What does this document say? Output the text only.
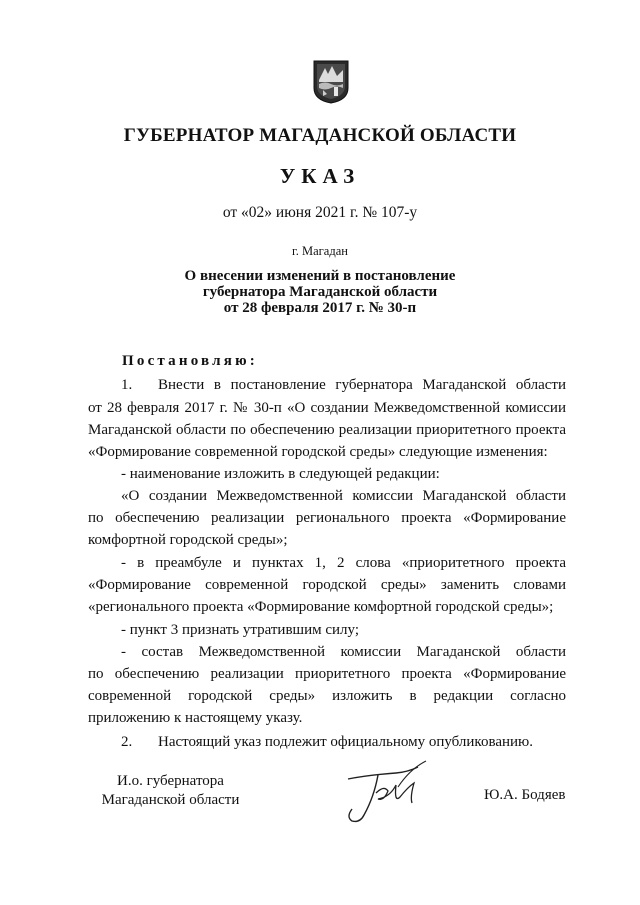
ГУБЕРНАТОР МАГАДАНСКОЙ ОБЛАСТИ
УКАЗ
от «02» июня 2021 г. № 107-у
г. Магадан
О внесении изменений в постановление
губернатора Магаданской области
от 28 февраля 2017 г. № 30-п
Постановляю:
1. Внести в постановление губернатора Магаданской области
от 28 февраля 2017 г. № 30-п «О создании Межведомственной комиссии
Магаданской области по обеспечению реализации приоритетного проекта
«Формирование современной городской среды» следующие изменения:
- наименование изложить в следующей редакции:
«О создании Межведомственной комиссии Магаданской области
по обеспечению реализации регионального проекта «Формирование
комфортной городской среды»;
- в преамбуле и пунктах 1, 2 слова «приоритетного проекта
«Формирование современной городской среды» заменить словами
«регионального проекта «Формирование комфортной городской среды»;
- пункт 3 признать утратившим силу;
- состав Межведомственной комиссии Магаданской области
по обеспечению реализации приоритетного проекта «Формирование
современной городской среды» изложить в редакции согласно
приложению к настоящему указу.
2. Настоящий указ подлежит официальному опубликованию.
И.о. губернатора
Магаданской области	Ю.А. Бодяев
